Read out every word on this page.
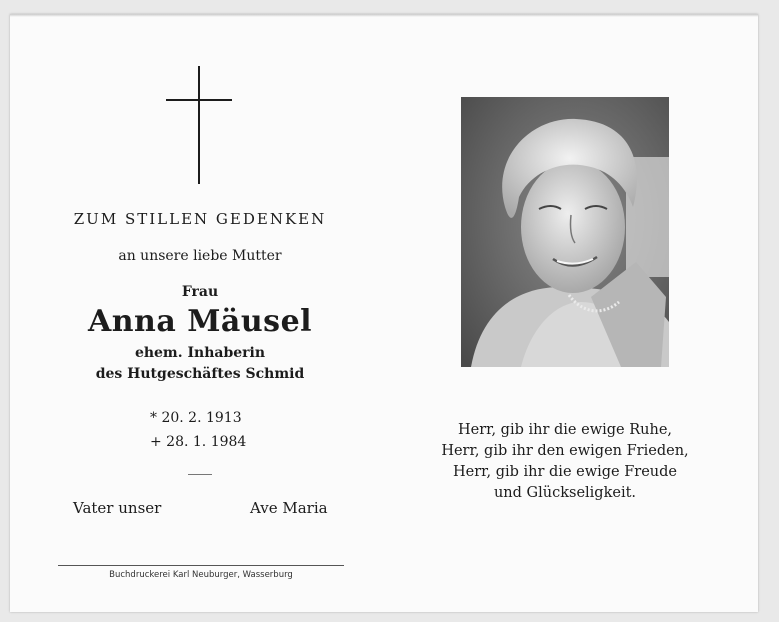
ZUM STILLEN GEDENKEN
an unsere liebe Mutter
Frau
Anna Mäusel
ehem. Inhaberin
des Hutgeschäftes Schmid
* 20. 2. 1913
+ 28. 1. 1984
Vater unser	Ave Maria
Buchdruckerei Karl Neuburger, Wasserburg
Herr, gib ihr die ewige Ruhe,
Herr, gib ihr den ewigen Frieden,
Herr, gib ihr die ewige Freude
und Glückseligkeit.
